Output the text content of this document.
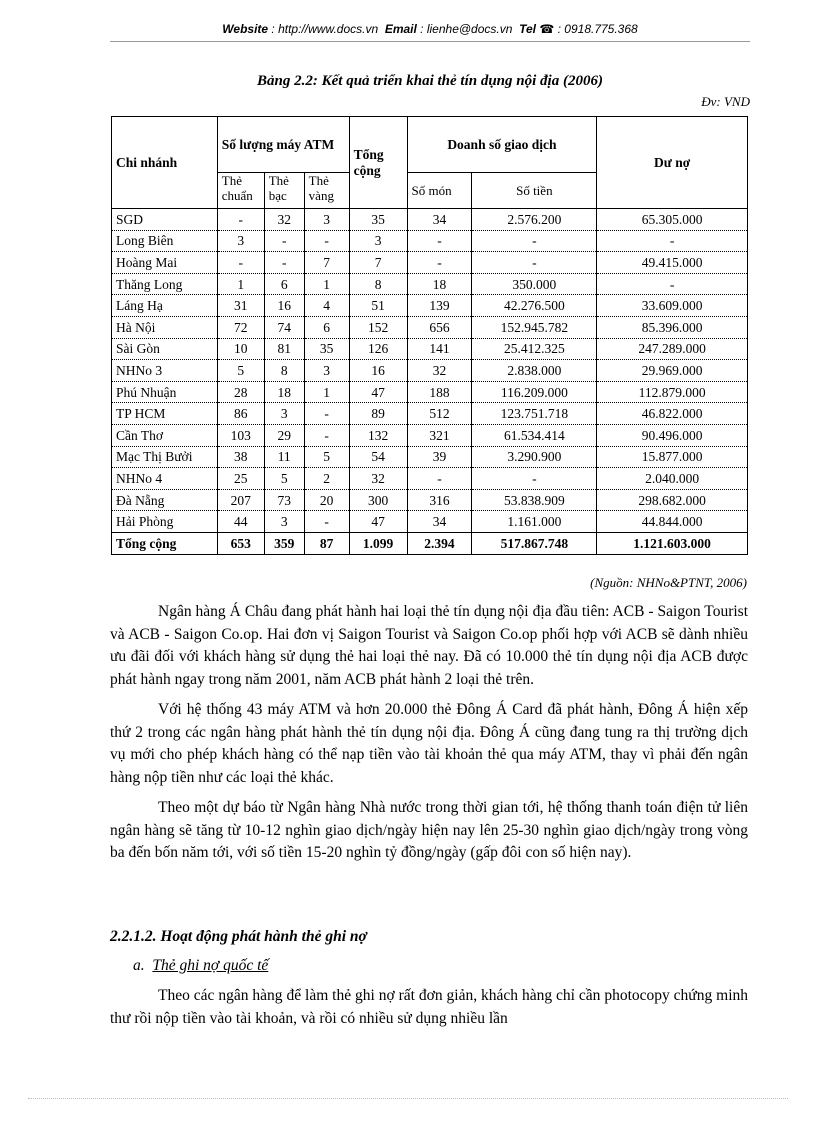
Website : http://www.docs.vn Email : lienhe@docs.vn Tel ☎ : 0918.775.368
Bảng 2.2: Kết quả triển khai thẻ tín dụng nội địa (2006)
Đv: VND
Chi nhánh	Số lượng máy ATM			Tổng cộng	Doanh số giao dịch		Dư nợ
	Thẻ chuẩn	Thẻ bạc	Thẻ vàng		Số món	Số tiền	
SGD	-	32	3	35	34	2.576.200	65.305.000
Long Biên	3	-	-	3	-	-	-
Hoàng Mai	-	-	7	7	-	-	49.415.000
Thăng Long	1	6	1	8	18	350.000	-
Láng Hạ	31	16	4	51	139	42.276.500	33.609.000
Hà Nội	72	74	6	152	656	152.945.782	85.396.000
Sài Gòn	10	81	35	126	141	25.412.325	247.289.000
NHNo 3	5	8	3	16	32	2.838.000	29.969.000
Phú Nhuận	28	18	1	47	188	116.209.000	112.879.000
TP HCM	86	3	-	89	512	123.751.718	46.822.000
Cần Thơ	103	29	-	132	321	61.534.414	90.496.000
Mạc Thị Bưởi	38	11	5	54	39	3.290.900	15.877.000
NHNo 4	25	5	2	32	-	-	2.040.000
Đà Nẵng	207	73	20	300	316	53.838.909	298.682.000
Hải Phòng	44	3	-	47	34	1.161.000	44.844.000
Tổng cộng	653	359	87	1.099	2.394	517.867.748	1.121.603.000
(Nguồn: NHNo&PTNT, 2006)

Ngân hàng Á Châu đang phát hành hai loại thẻ tín dụng nội địa đầu tiên: ACB - Saigon Tourist và ACB - Saigon Co.op. Hai đơn vị Saigon Tourist và Saigon Co.op phối hợp với ACB sẽ dành nhiều ưu đãi đối với khách hàng sử dụng thẻ hai loại thẻ nay. Đã có 10.000 thẻ tín dụng nội địa ACB được phát hành ngay trong năm 2001, năm ACB phát hành 2 loại thẻ trên.

Với hệ thống 43 máy ATM và hơn 20.000 thẻ Đông Á Card đã phát hành, Đông Á hiện xếp thứ 2 trong các ngân hàng phát hành thẻ tín dụng nội địa. Đông Á cũng đang tung ra thị trường dịch vụ mới cho phép khách hàng có thể nạp tiền vào tài khoản thẻ qua máy ATM, thay vì phải đến ngân hàng nộp tiền như các loại thẻ khác.

Theo một dự báo từ Ngân hàng Nhà nước trong thời gian tới, hệ thống thanh toán điện tử liên ngân hàng sẽ tăng từ 10-12 nghìn giao dịch/ngày hiện nay lên 25-30 nghìn giao dịch/ngày trong vòng ba đến bốn năm tới, với số tiền 15-20 nghìn tỷ đồng/ngày (gấp đôi con số hiện nay).

2.2.1.2. Hoạt động phát hành thẻ ghi nợ
a. Thẻ ghi nợ quốc tế

Theo các ngân hàng để làm thẻ ghi nợ rất đơn giản, khách hàng chỉ cần photocopy chứng minh thư rồi nộp tiền vào tài khoản, và rồi có nhiều sử dụng nhiều lần
